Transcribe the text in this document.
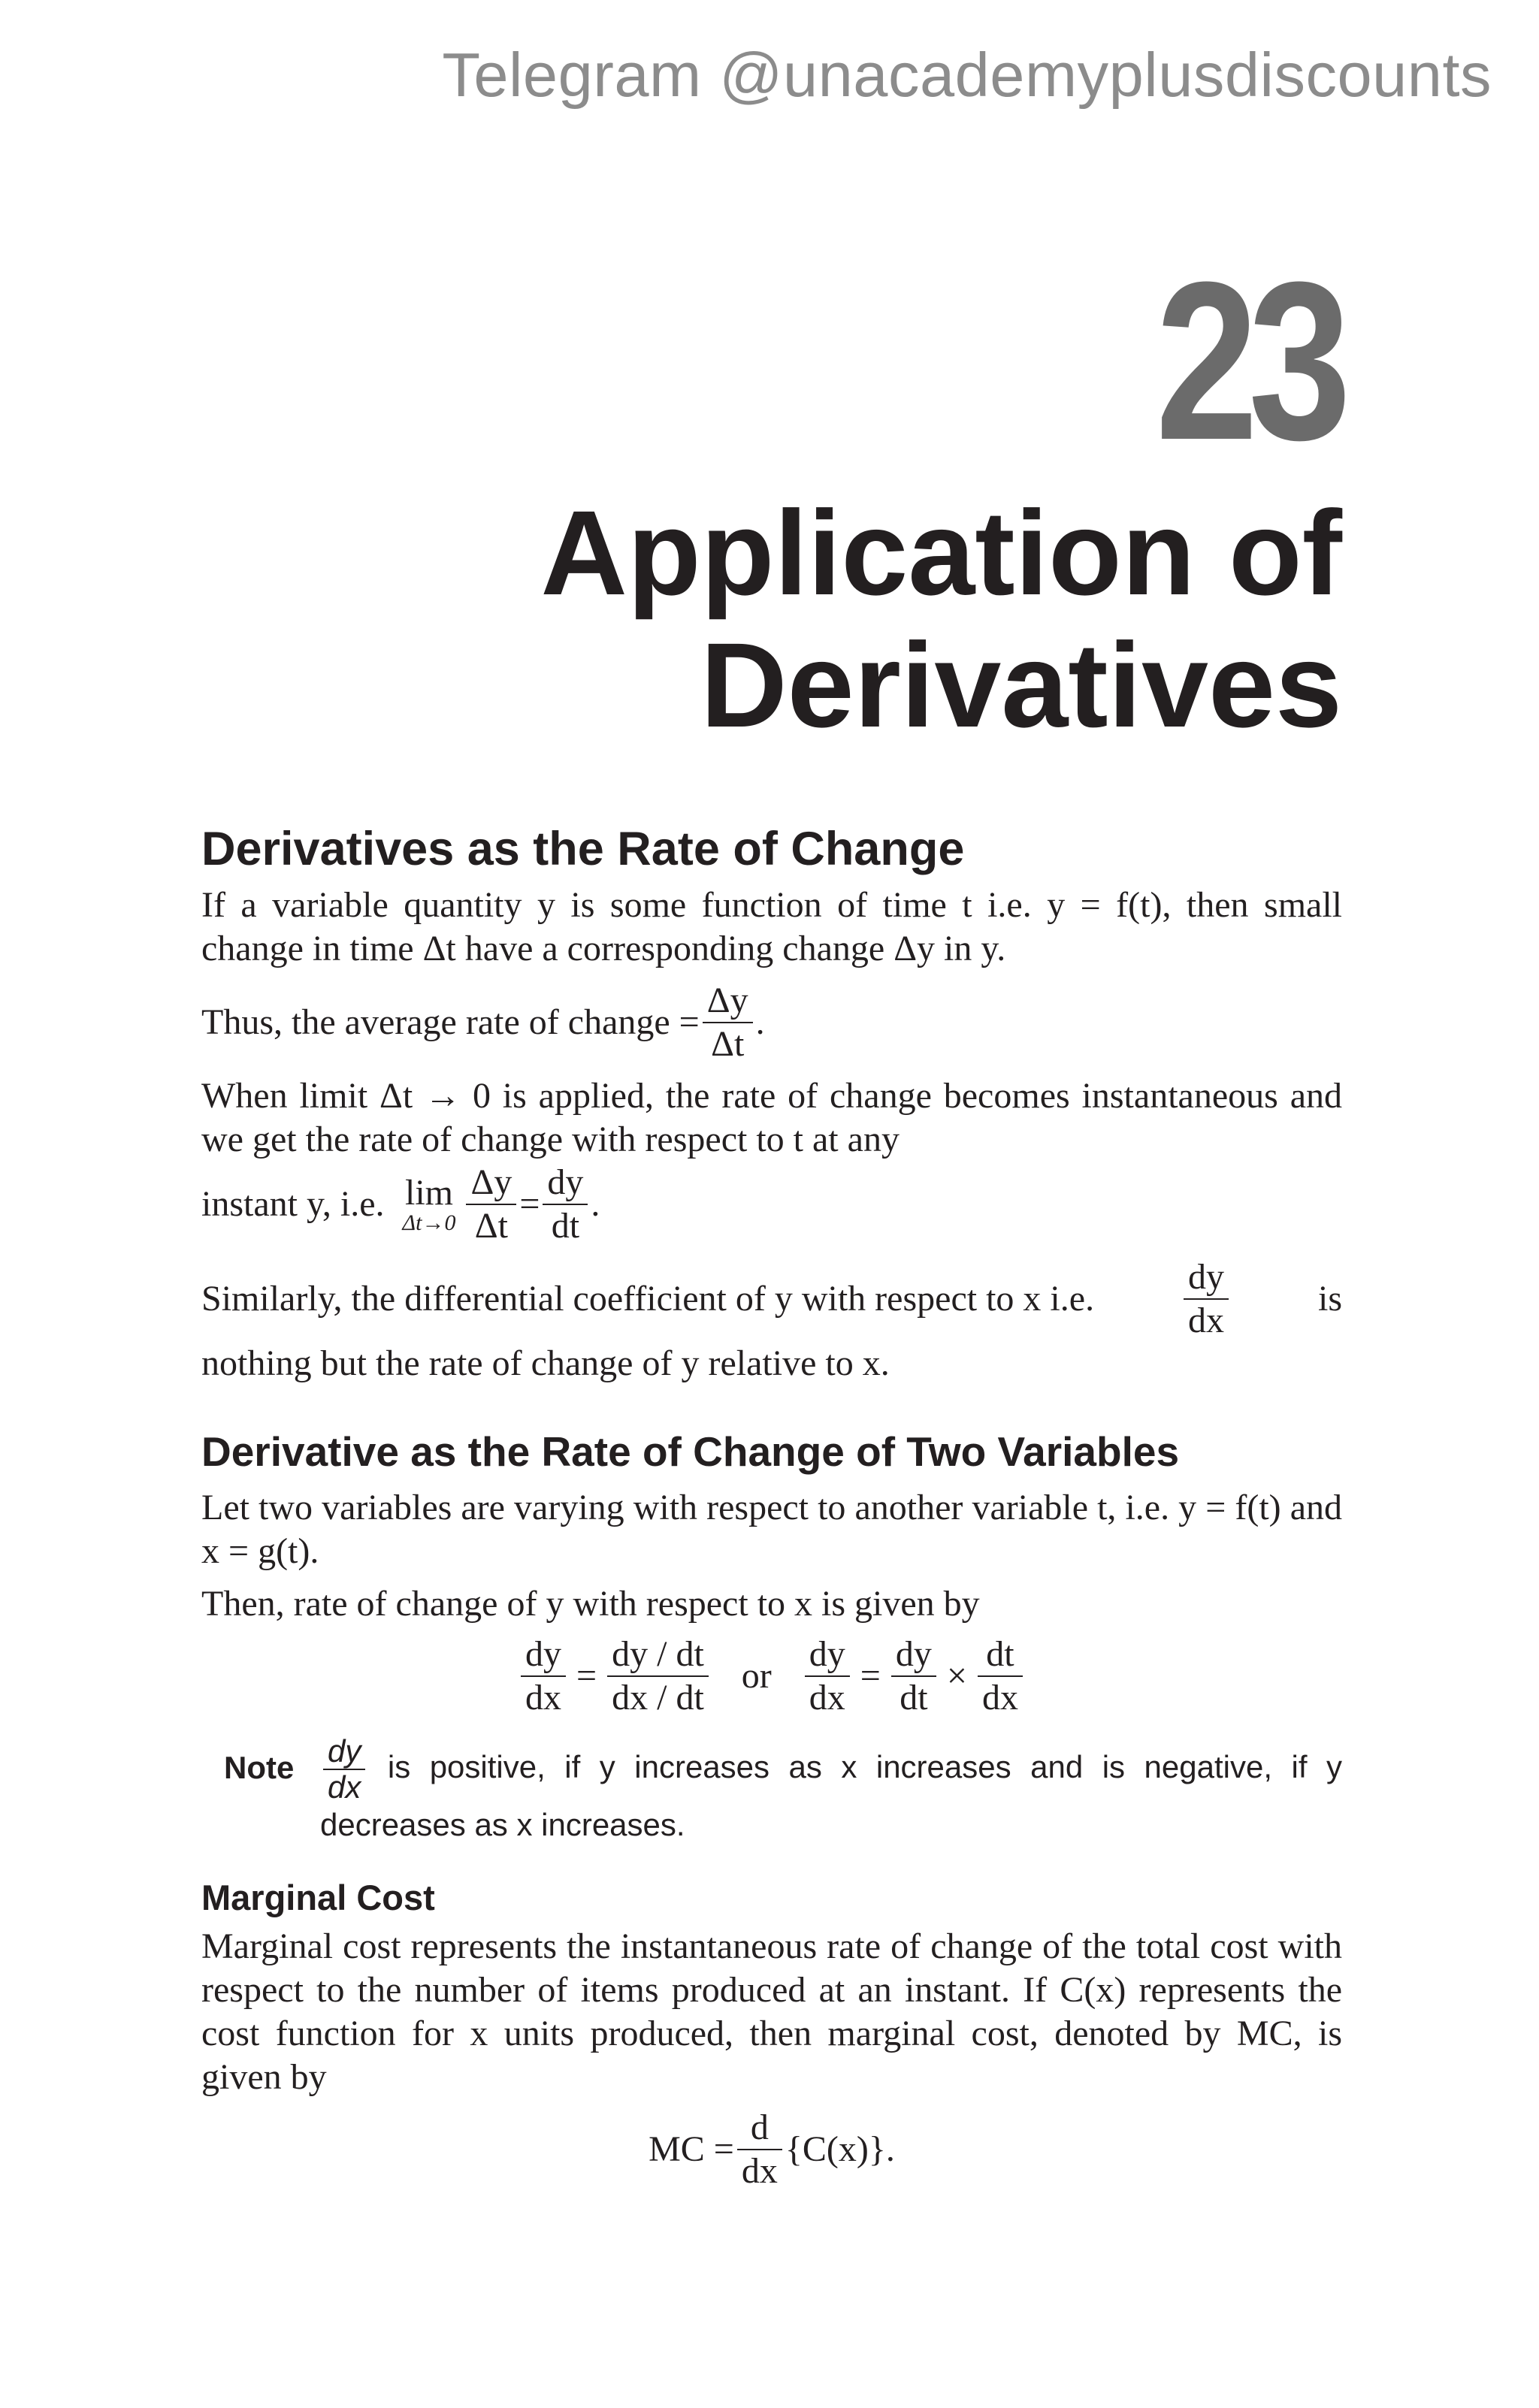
Telegram @unacademyplusdiscounts
23
Application of
Derivatives
Derivatives as the Rate of Change

If a variable quantity y is some function of time t i.e. y = f(t), then small change in time Δt have a corresponding change Δy in y.

Thus, the average rate of change = $\frac{\Delta y}{\Delta t}$ .

When limit Δt → 0 is applied, the rate of change becomes instantaneous and we get the rate of change with respect to t at any

instant y, i.e. lim
$\Delta t\to 0 \frac{\Delta y}{\Delta t} = \frac{dy}{dt}$ .
Similarly, the differential coefficient of y with respect to x i.e. $\frac{dy}{dx}$ is

nothing but the rate of change of y relative to x.

Derivative as the Rate of Change of Two Variables

Let two variables are varying with respect to another variable t, i.e. y = f(t) and x = g(t).

Then, rate of change of y with respect to x is given by

$\frac{dy}{dx} = \frac{dy / dt}{dx / dt}$ or $\frac{dy}{dx} = \frac{dy}{dt} \times \frac{dt}{dx}$
Note $\frac{dy}{dx}$ is positive, if y increases as x increases and is negative, if y decreases as x increases.
Marginal Cost

Marginal cost represents the instantaneous rate of change of the total cost with respect to the number of items produced at an instant. If C(x) represents the cost function for x units produced, then marginal cost, denoted by MC, is given by

MC = $\frac{d}{dx} \{C(x)\}$.
